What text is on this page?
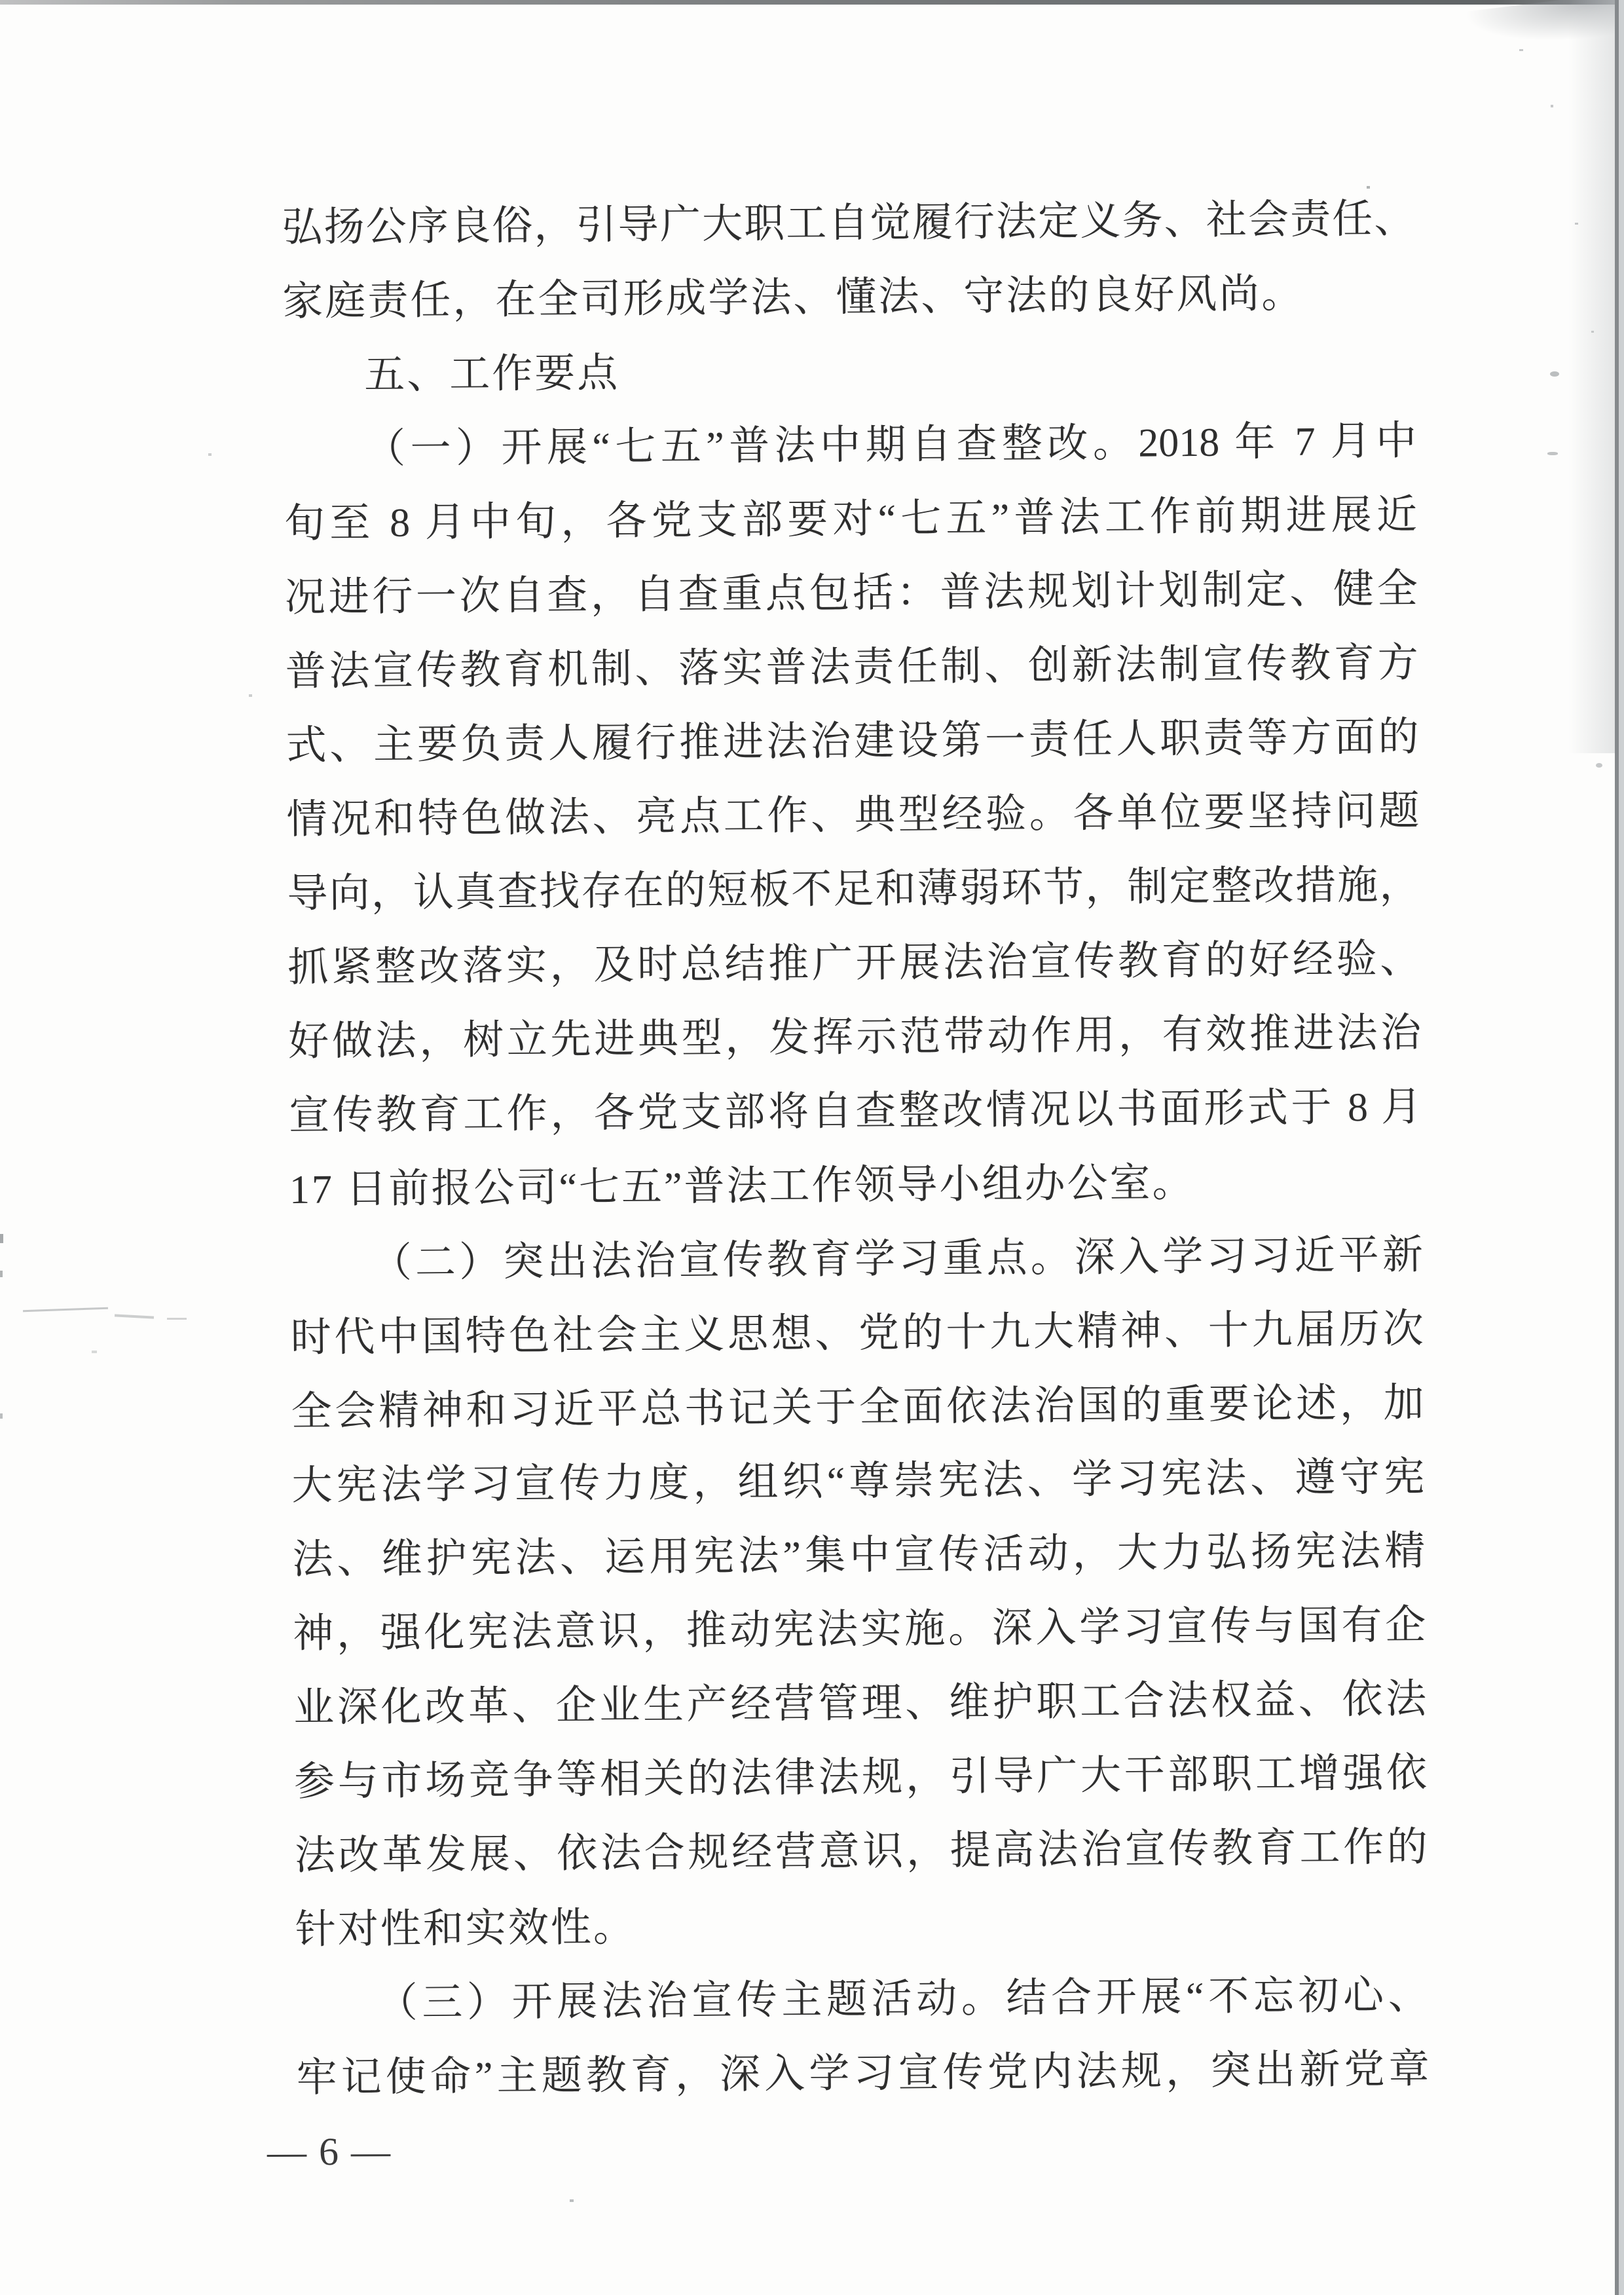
弘扬公序良俗，引导广大职工自觉履行法定义务、社会责任、
家庭责任，在全司形成学法、懂法、守法的良好风尚。
五、工作要点
（一）开展“七五”普法中期自查整改。2018 年 7 月中
旬至 8 月中旬，各党支部要对“七五”普法工作前期进展近
况进行一次自查，自查重点包括：普法规划计划制定、健全
普法宣传教育机制、落实普法责任制、创新法制宣传教育方
式、主要负责人履行推进法治建设第一责任人职责等方面的
情况和特色做法、亮点工作、典型经验。各单位要坚持问题
导向，认真查找存在的短板不足和薄弱环节，制定整改措施，
抓紧整改落实，及时总结推广开展法治宣传教育的好经验、
好做法，树立先进典型，发挥示范带动作用，有效推进法治
宣传教育工作，各党支部将自查整改情况以书面形式于 8 月
17 日前报公司“七五”普法工作领导小组办公室。
（二）突出法治宣传教育学习重点。深入学习习近平新
时代中国特色社会主义思想、党的十九大精神、十九届历次
全会精神和习近平总书记关于全面依法治国的重要论述，加
大宪法学习宣传力度，组织“尊崇宪法、学习宪法、遵守宪
法、维护宪法、运用宪法”集中宣传活动，大力弘扬宪法精
神，强化宪法意识，推动宪法实施。深入学习宣传与国有企
业深化改革、企业生产经营管理、维护职工合法权益、依法
参与市场竞争等相关的法律法规，引导广大干部职工增强依
法改革发展、依法合规经营意识，提高法治宣传教育工作的
针对性和实效性。
（三）开展法治宣传主题活动。结合开展“不忘初心、
牢记使命”主题教育，深入学习宣传党内法规，突出新党章
— 6 —
